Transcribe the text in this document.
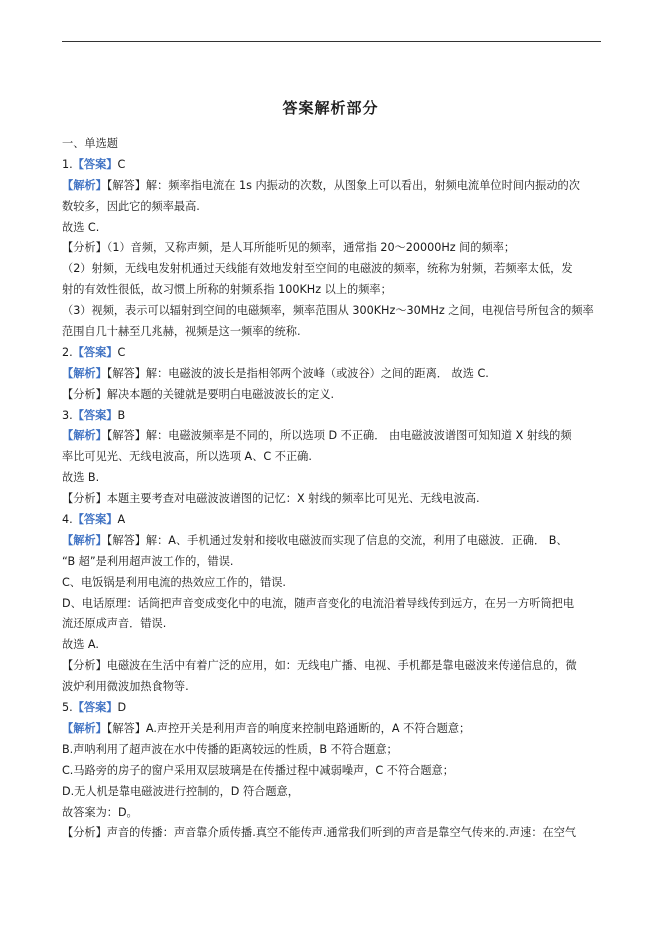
答案解析部分
一、单选题
1.【答案】C
【解析】【解答】解：频率指电流在 1s 内振动的次数，从图象上可以看出，射频电流单位时间内振动的次
数较多，因此它的频率最高.
故选 C.
【分析】（1）音频，又称声频，是人耳所能听见的频率，通常指 20～20000Hz 间的频率；
（2）射频，无线电发射机通过天线能有效地发射至空间的电磁波的频率，统称为射频，若频率太低，发
射的有效性很低，故习惯上所称的射频系指 100KHz 以上的频率；
（3）视频，表示可以辐射到空间的电磁频率，频率范围从 300KHz～30MHz 之间，电视信号所包含的频率
范围自几十赫至几兆赫，视频是这一频率的统称.
2.【答案】C
【解析】【解答】解：电磁波的波长是指相邻两个波峰（或波谷）之间的距离． 故选 C.
【分析】解决本题的关键就是要明白电磁波波长的定义.
3.【答案】B
【解析】【解答】解：电磁波频率是不同的，所以选项 D 不正确． 由电磁波波谱图可知知道 X 射线的频
率比可见光、无线电波高，所以选项 A、C 不正确.
故选 B.
【分析】本题主要考查对电磁波波谱图的记忆：X 射线的频率比可见光、无线电波高.
4.【答案】A
【解析】【解答】解：A、手机通过发射和接收电磁波而实现了信息的交流，利用了电磁波．正确． B、
“B 超”是利用超声波工作的，错误.
C、电饭锅是利用电流的热效应工作的，错误.
D、电话原理：话筒把声音变成变化中的电流，随声音变化的电流沿着导线传到远方，在另一方听筒把电
流还原成声音．错误.
故选 A.
【分析】电磁波在生活中有着广泛的应用，如：无线电广播、电视、手机都是靠电磁波来传递信息的，微
波炉利用微波加热食物等.
5.【答案】D
【解析】【解答】A.声控开关是利用声音的响度来控制电路通断的，A 不符合题意；
B.声呐利用了超声波在水中传播的距离较远的性质，B 不符合题意；
C.马路旁的房子的窗户采用双层玻璃是在传播过程中减弱噪声，C 不符合题意；
D.无人机是靠电磁波进行控制的，D 符合题意，
故答案为：D。
【分析】声音的传播：声音靠介质传播.真空不能传声.通常我们听到的声音是靠空气传来的.声速：在空气
